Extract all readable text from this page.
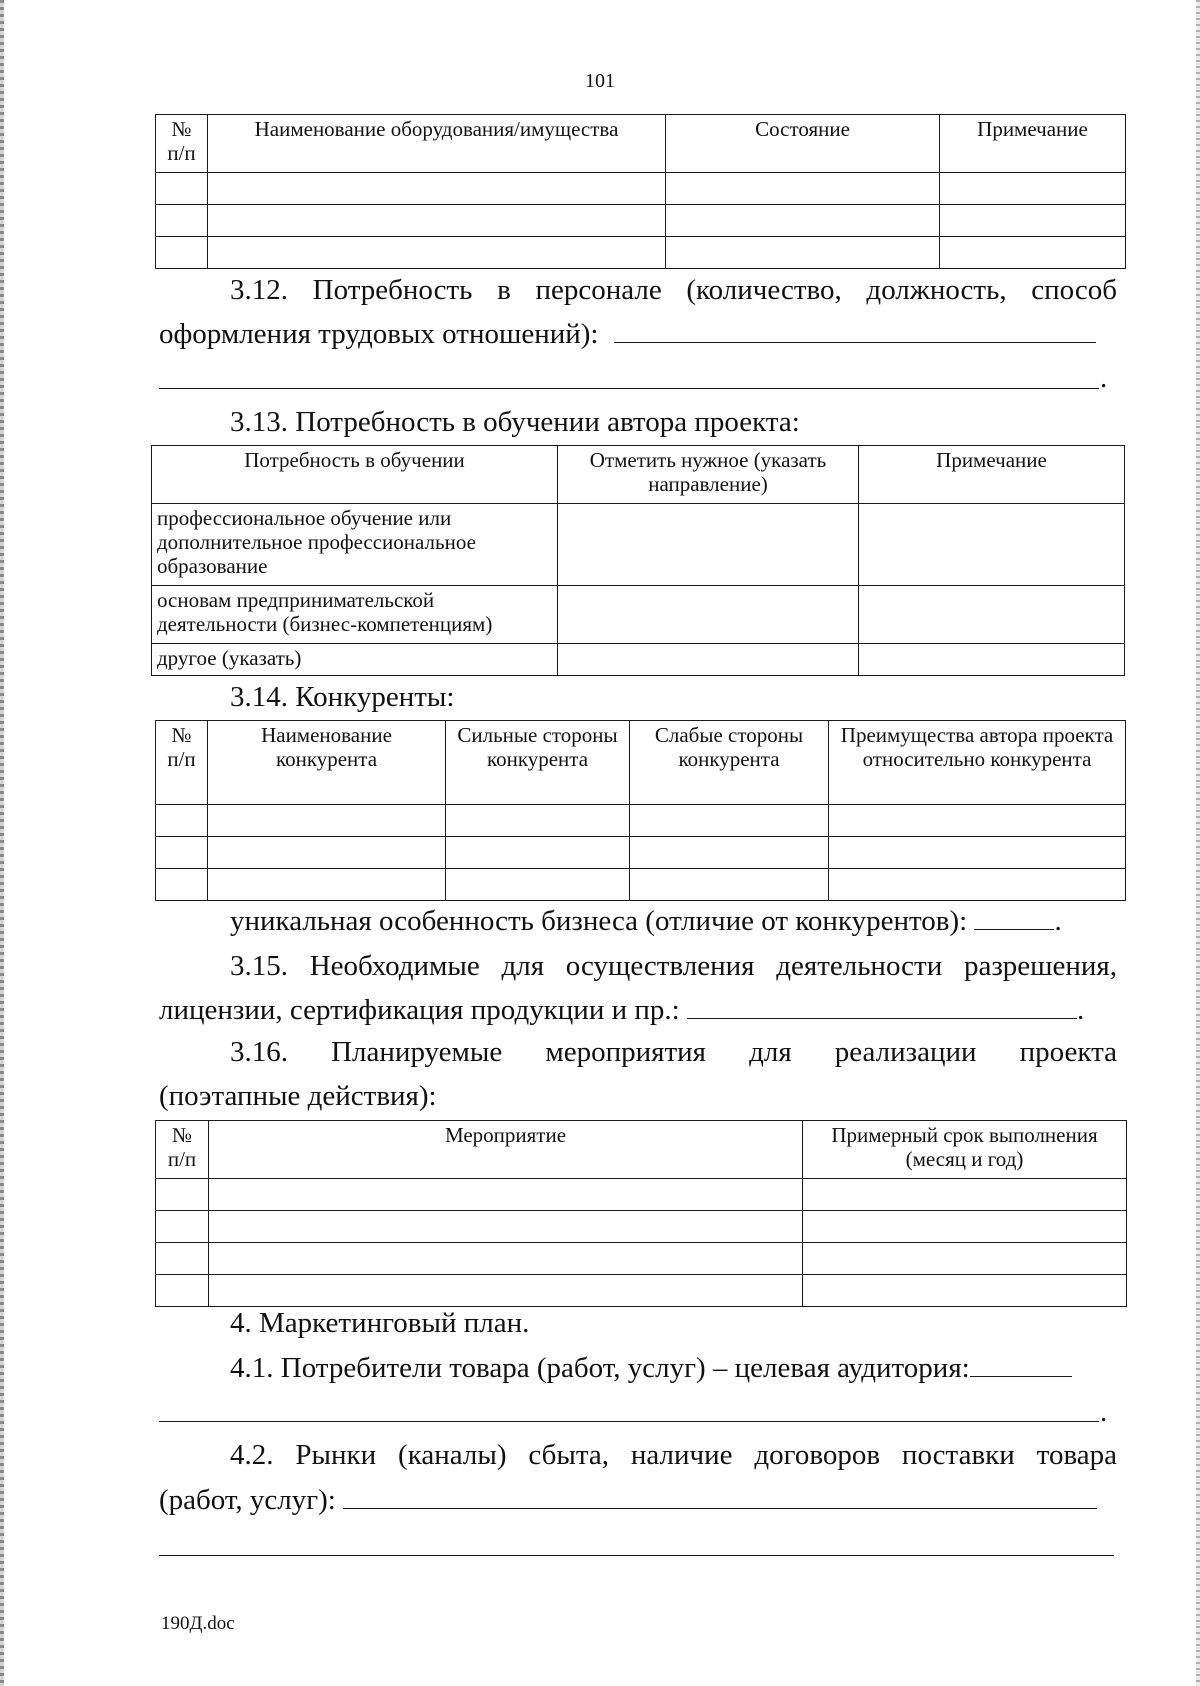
101
№ п/п	Наименование оборудования/имущества	Состояние	Примечание

3.12. Потребность в персонале (количество, должность, способ
оформления трудовых отношений):
.
3.13. Потребность в обучении автора проекта:
Потребность в обучении	Отметить нужное (указать направление)	Примечание
профессиональное обучение или дополнительное профессиональное образование		
основам предпринимательской деятельности (бизнес-компетенциям)		
другое (указать)		
3.14. Конкуренты:
№ п/п	Наименование конкурента	Сильные стороны конкурента	Слабые стороны конкурента	Преимущества автора проекта относительно конкурента

уникальная особенность бизнеса (отличие от конкурентов):	.
3.15. Необходимые для осуществления деятельности разрешения,
лицензии, сертификация продукции и пр.:	.
3.16. Планируемые мероприятия для реализации проекта
(поэтапные действия):
№ п/п	Мероприятие	Примерный срок выполнения (месяц и год)

4. Маркетинговый план.
4.1. Потребители товара (работ, услуг) – целевая аудитория:
.
4.2. Рынки (каналы) сбыта, наличие договоров поставки товара
(работ, услуг):
190Д.doc
